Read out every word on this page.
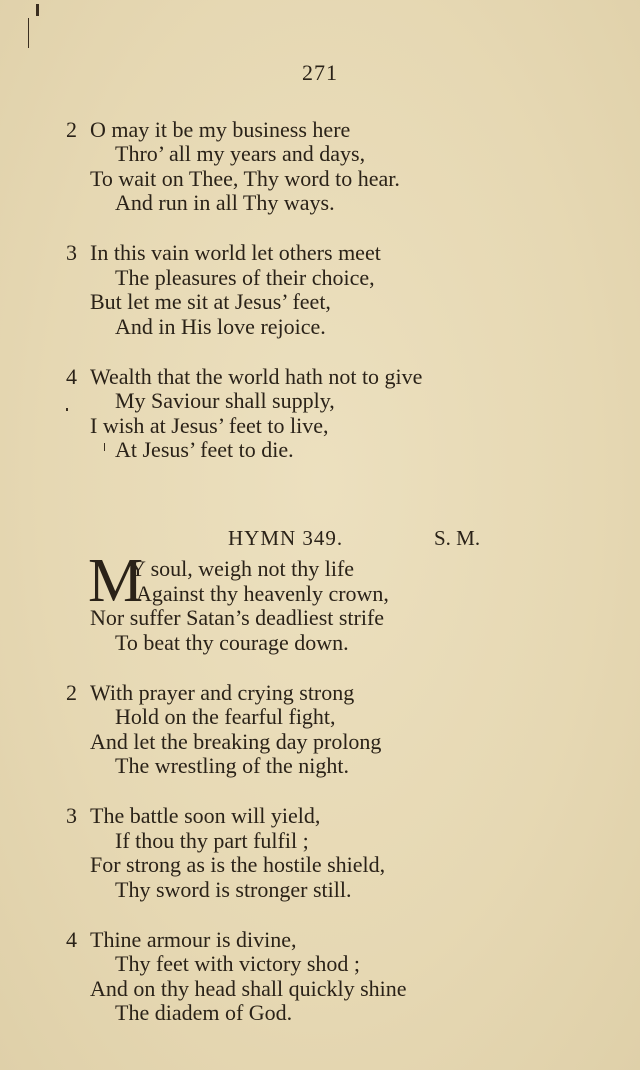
271
2 O may it be my business here
Thro’ all my years and days,
To wait on Thee, Thy word to hear.
And run in all Thy ways.
3 In this vain world let others meet
The pleasures of their choice,
But let me sit at Jesus’ feet,
And in His love rejoice.
4 Wealth that the world hath not to give
My Saviour shall supply,
I wish at Jesus’ feet to live,
At Jesus’ feet to die.
HYMN 349.	S. M.
M
Y soul, weigh not thy life
Against thy heavenly crown,
Nor suffer Satan’s deadliest strife
To beat thy courage down.
2 With prayer and crying strong
Hold on the fearful fight,
And let the breaking day prolong
The wrestling of the night.
3 The battle soon will yield,
If thou thy part fulfil ;
For strong as is the hostile shield,
Thy sword is stronger still.
4 Thine armour is divine,
Thy feet with victory shod ;
And on thy head shall quickly shine
The diadem of God.
